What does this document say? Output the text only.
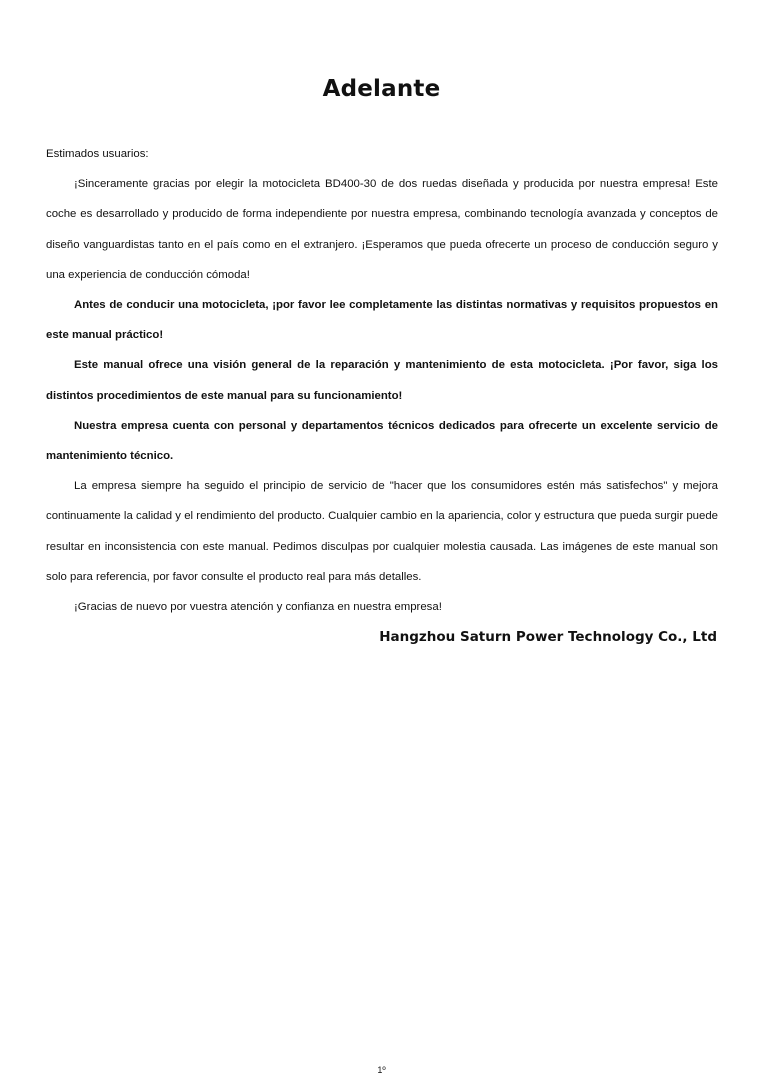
Adelante

Estimados usuarios:

¡Sinceramente gracias por elegir la motocicleta BD400-30 de dos ruedas diseñada y producida por nuestra empresa! Este coche es desarrollado y producido de forma independiente por nuestra empresa, combinando tecnología avanzada y conceptos de diseño vanguardistas tanto en el país como en el extranjero. ¡Esperamos que pueda ofrecerte un proceso de conducción seguro y una experiencia de conducción cómoda!

Antes de conducir una motocicleta, ¡por favor lee completamente las distintas normativas y requisitos propuestos en este manual práctico!

Este manual ofrece una visión general de la reparación y mantenimiento de esta motocicleta. ¡Por favor, siga los distintos procedimientos de este manual para su funcionamiento!

Nuestra empresa cuenta con personal y departamentos técnicos dedicados para ofrecerte un excelente servicio de mantenimiento técnico.

La empresa siempre ha seguido el principio de servicio de "hacer que los consumidores estén más satisfechos" y mejora continuamente la calidad y el rendimiento del producto. Cualquier cambio en la apariencia, color y estructura que pueda surgir puede resultar en inconsistencia con este manual. Pedimos disculpas por cualquier molestia causada. Las imágenes de este manual son solo para referencia, por favor consulte el producto real para más detalles.

¡Gracias de nuevo por vuestra atención y confianza en nuestra empresa!

Hangzhou Saturn Power Technology Co., Ltd
1º
